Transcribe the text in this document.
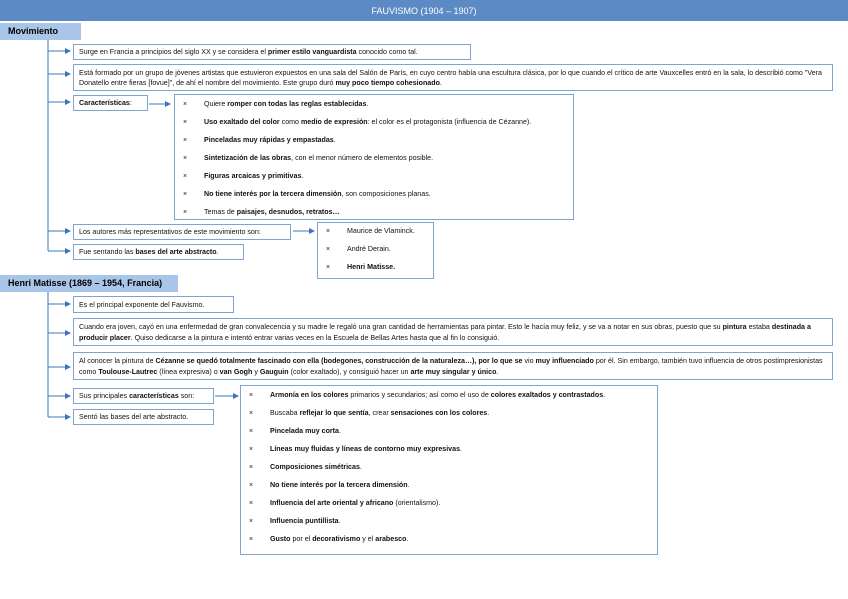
FAUVISMO (1904 – 1907)
Movimiento
Surge en Francia a principios del siglo XX y se considera el primer estilo vanguardista conocido como tal.
Está formado por un grupo de jóvenes artistas que estuvieron expuestos en una sala del Salón de París, en cuyo centro había una escultura clásica, por lo que cuando el crítico de arte Vauxcelles entró en la sala, lo describió como "Vera Donatello entre fieras [fovue]", de ahí el nombre del movimiento. Este grupo duró muy poco tiempo cohesionado.
Características:	× Quiere romper con todas las reglas establecidas.
× Uso exaltado del color como medio de expresión: el color es el protagonista (influencia de Cézanne).
× Pinceladas muy rápidas y empastadas.
× Sintetización de las obras, con el menor número de elementos posible.
× Figuras arcaicas y primitivas.
× No tiene interés por la tercera dimensión, son composiciones planas.
× Temas de paisajes, desnudos, retratos…
Los autores más representativos de este movimiento son:	× Maurice de Vlaminck.
× André Derain.
× Henri Matisse.
Fue sentando las bases del arte abstracto.
Henri Matisse (1869 – 1954, Francia)
Es el principal exponente del Fauvismo.
Cuando era joven, cayó en una enfermedad de gran convalecencia y su madre le regaló una gran cantidad de herramientas para pintar. Esto le hacía muy feliz, y se va a notar en sus obras, puesto que su pintura estaba destinada a producir placer. Quiso dedicarse a la pintura e intentó entrar varias veces en la Escuela de Bellas Artes hasta que al fin lo consiguió.
Al conocer la pintura de Cézanne se quedó totalmente fascinado con ella (bodegones, construcción de la naturaleza…), por lo que se vio muy influenciado por él. Sin embargo, también tuvo influencia de otros postimpresionistas como Toulouse-Lautrec (línea expresiva) o van Gogh y Gauguin (color exaltado), y consiguió hacer un arte muy singular y único.
Sus principales características son:
Sentó las bases del arte abstracto.
× Armonía en los colores primarios y secundarios; así como el uso de colores exaltados y contrastados.
× Buscaba reflejar lo que sentía, crear sensaciones con los colores.
× Pincelada muy corta.
× Líneas muy fluidas y líneas de contorno muy expresivas.
× Composiciones simétricas.
× No tiene interés por la tercera dimensión.
× Influencia del arte oriental y africano (orientalismo).
× Influencia puntillista.
× Gusto por el decorativismo y el arabesco.
